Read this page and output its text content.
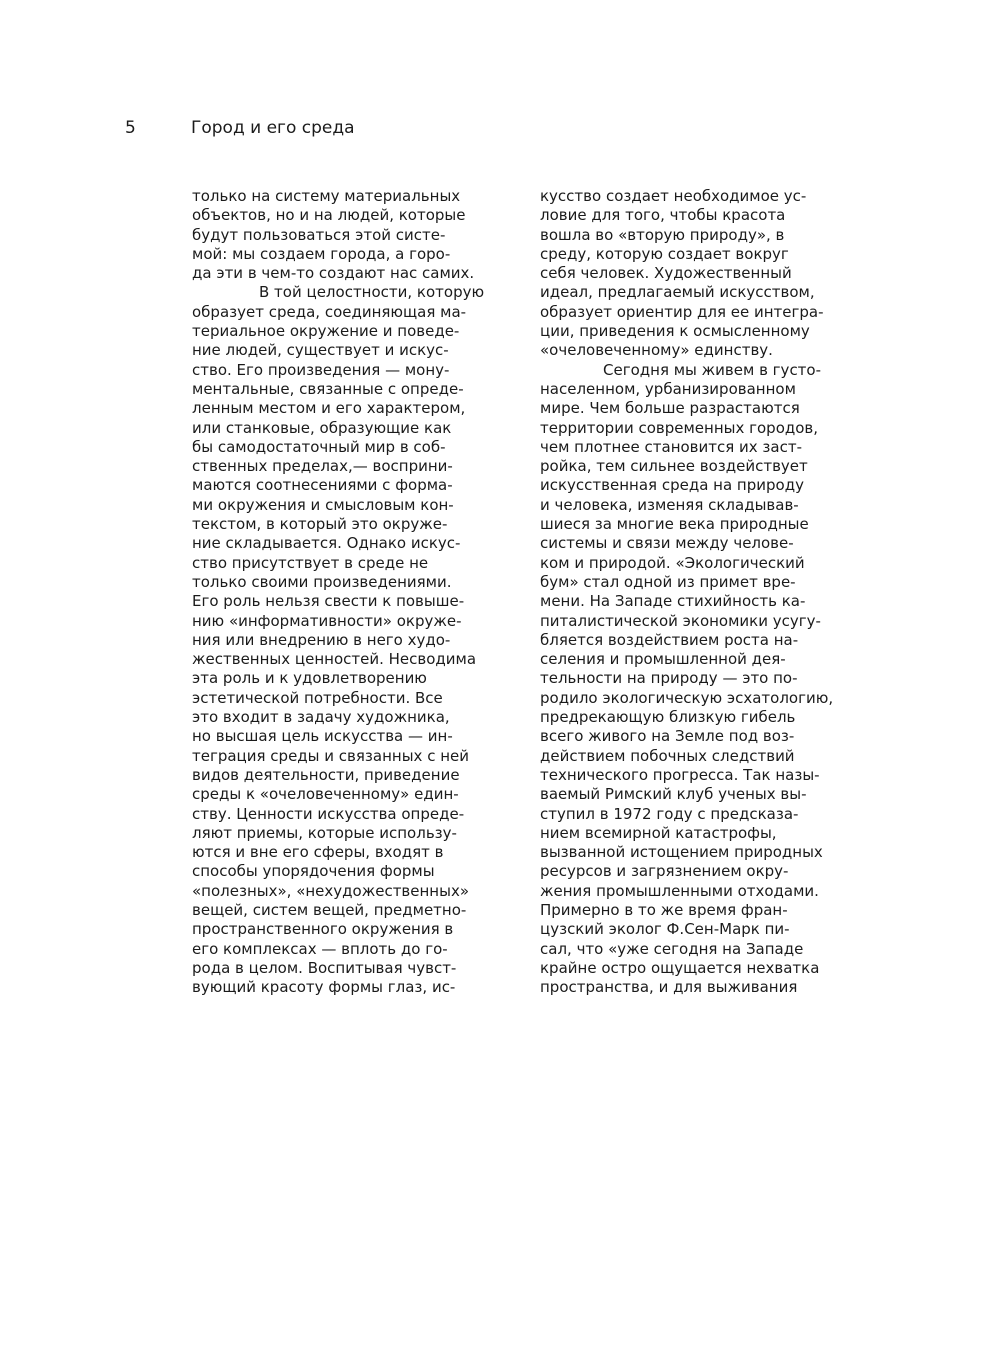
5	Город и его среда
только на систему материальных
объектов, но и на людей, которые
будут пользоваться этой систе-
мой: мы создаем города, а горо-
да эти в чем-то создают нас самих.
В той целостности, которую
образует среда, соединяющая ма-
териальное окружение и поведе-
ние людей, существует и искус-
ство. Его произведения — мону-
ментальные, связанные с опреде-
ленным местом и его характером,
или станковые, образующие как
бы самодостаточный мир в соб-
ственных пределах,— восприни-
маются соотнесениями с форма-
ми окружения и смысловым кон-
текстом, в который это окруже-
ние складывается. Однако искус-
ство присутствует в среде не
только своими произведениями.
Его роль нельзя свести к повыше-
нию «информативности» окруже-
ния или внедрению в него худо-
жественных ценностей. Несводима
эта роль и к удовлетворению
эстетической потребности. Все
это входит в задачу художника,
но высшая цель искусства — ин-
теграция среды и связанных с ней
видов деятельности, приведение
среды к «очеловеченному» един-
ству. Ценности искусства опреде-
ляют приемы, которые использу-
ются и вне его сферы, входят в
способы упорядочения формы
«полезных», «нехудожественных»
вещей, систем вещей, предметно-
пространственного окружения в
его комплексах — вплоть до го-
рода в целом. Воспитывая чувст-
вующий красоту формы глаз, ис-
кусство создает необходимое ус-
ловие для того, чтобы красота
вошла во «вторую природу», в
среду, которую создает вокруг
себя человек. Художественный
идеал, предлагаемый искусством,
образует ориентир для ее интегра-
ции, приведения к осмысленному
«очеловеченному» единству.
Сегодня мы живем в густо-
населенном, урбанизированном
мире. Чем больше разрастаются
территории современных городов,
чем плотнее становится их заст-
ройка, тем сильнее воздействует
искусственная среда на природу
и человека, изменяя складывав-
шиеся за многие века природные
системы и связи между челове-
ком и природой. «Экологический
бум» стал одной из примет вре-
мени. На Западе стихийность ка-
питалистической экономики усугу-
бляется воздействием роста на-
селения и промышленной дея-
тельности на природу — это по-
родило экологическую эсхатологию,
предрекающую близкую гибель
всего живого на Земле под воз-
действием побочных следствий
технического прогресса. Так назы-
ваемый Римский клуб ученых вы-
ступил в 1972 году с предсказа-
нием всемирной катастрофы,
вызванной истощением природных
ресурсов и загрязнением окру-
жения промышленными отходами.
Примерно в то же время фран-
цузский эколог Ф.Сен-Марк пи-
сал, что «уже сегодня на Западе
крайне остро ощущается нехватка
пространства, и для выживания
